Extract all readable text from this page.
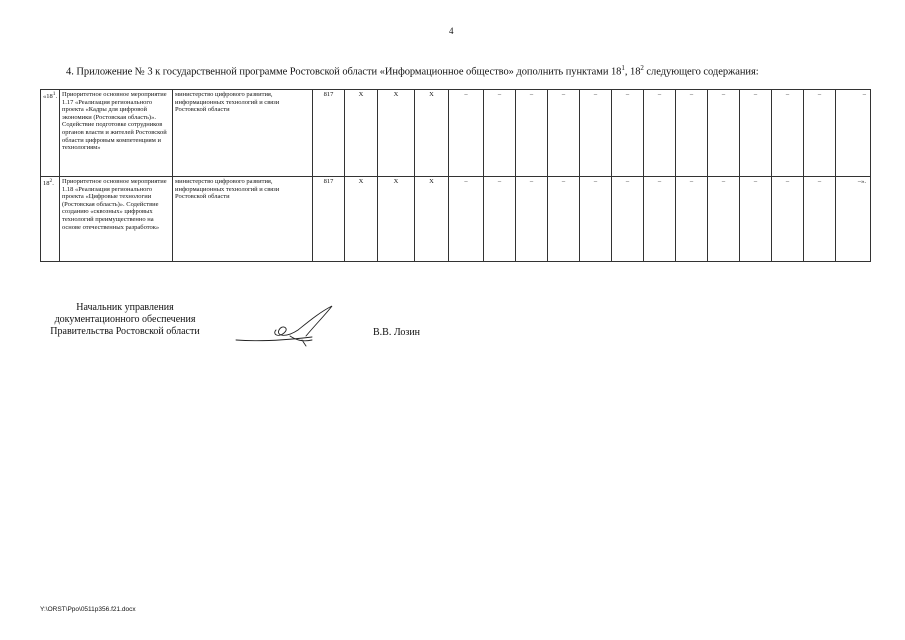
4
4. Приложение № 3 к государственной программе Ростовской области «Информационное общество» дополнить пунктами $18^1$, $18^2$ следующего содержания:
«$18^1$.	Приоритетное основное мероприятие 1.17 «Реализация регионального проекта «Кадры для цифровой экономики (Ростовская область)». Содействие подготовке сотрудников органов власти и жителей Ростовской области цифровым компетенциям и технологиям»	министерство цифрового развития, информационных технологий и связи Ростовской области	817	X	X	X	–	–	–	–	–	–	–	–	–	–	–	–	–
$18^2$.	Приоритетное основное мероприятие 1.18 «Реализация регионального проекта «Цифровые технологии (Ростовская область)». Содействие созданию «сквозных» цифровых технологий преимущественно на основе отечественных разработок»	министерство цифрового развития, информационных технологий и связи Ростовской области	817	X	X	X	–	–	–	–	–	–	–	–	–	–	–	–	–».
Начальник управления
документационного обеспечения
Правительства Ростовской области	В.В. Лозин
Y:\ORST\Ppo\0511p356.f21.docx
